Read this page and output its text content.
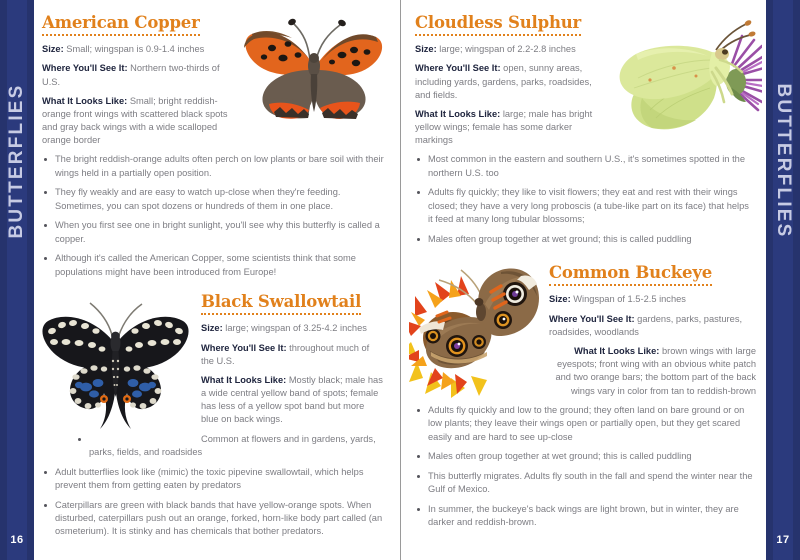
BUTTERFLIES
16
BUTTERFLIES
17
American Copper

Size: Small; wingspan is 0.9-1.4 inches

Where You'll See It: Northern two-thirds of U.S.

What It Looks Like: Small; bright reddish-orange front wings with scattered black spots and gray back wings with a wide scalloped orange border

The bright reddish-orange adults often perch on low plants or bare soil with their wings held in a partially open position.
They fly weakly and are easy to watch up-close when they're feeding. Sometimes, you can spot dozens or hundreds of them in one place.
When you first see one in bright sunlight, you'll see why this butterfly is called a copper.
Although it's called the American Copper, some scientists think that some populations might have been introduced from Europe!
Black Swallowtail

Size: large; wingspan of 3.25-4.2 inches

Where You'll See It: throughout much of the U.S.

What It Looks Like: Mostly black; male has a wide central yellow band of spots; female has less of a yellow spot band but more blue on back wings.

Common at flowers and in gardens, yards, parks, fields, and roadsides
Adult butterflies look like (mimic) the toxic pipevine swallowtail, which helps prevent them from getting eaten by predators
Caterpillars are green with black bands that have yellow-orange spots. When disturbed, caterpillars push out an orange, forked, horn-like body part called (an osmeterium). It is stinky and has chemicals that bother predators.
Cloudless Sulphur

Size: large; wingspan of 2.2-2.8 inches

Where You'll See It: open, sunny areas, including yards, gardens, parks, roadsides, and fields.

What It Looks Like: large; male has bright yellow wings; female has some darker markings

Most common in the eastern and southern U.S., it's sometimes spotted in the northern U.S. too
Adults fly quickly; they like to visit flowers; they eat and rest with their wings closed; they have a very long proboscis (a tube-like part on its face) that helps it feed at many long tubular blossoms;
Males often group together at wet ground; this is called puddling
Common Buckeye

Size: Wingspan of 1.5-2.5 inches

Where You'll See It: gardens, parks, pastures, roadsides, woodlands

What It Looks Like: brown wings with large eyespots; front wing with an obvious white patch and two orange bars; the bottom part of the back wings vary in color from tan to reddish-brown

Adults fly quickly and low to the ground; they often land on bare ground or on low plants; they leave their wings open or partially open, but they get scared easily and are hard to see up-close
Males often group together at wet ground; this is called puddling
This butterfly migrates. Adults fly south in the fall and spend the winter near the Gulf of Mexico.
In summer, the buckeye's back wings are light brown, but in winter, they are darker and reddish-brown.
